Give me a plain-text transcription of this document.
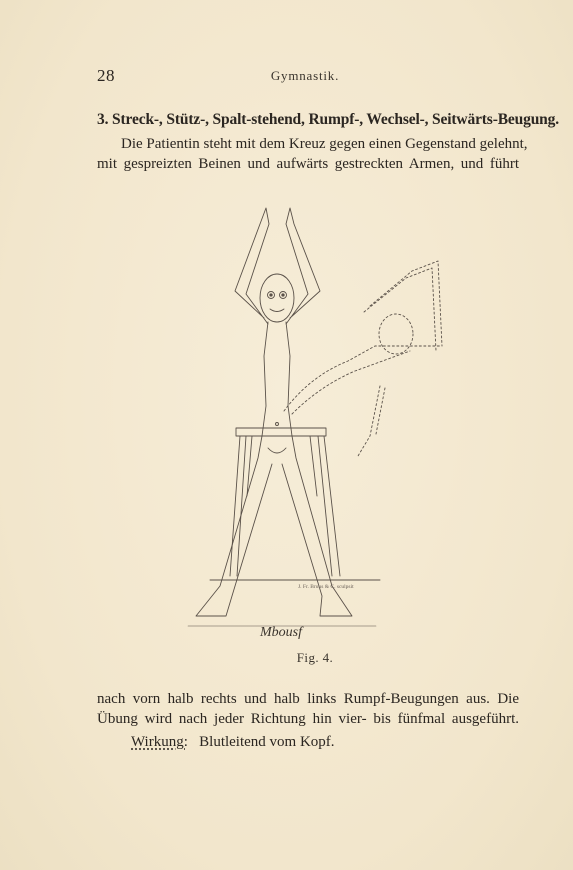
28	Gymnastik.
3. Streck-, Stütz-, Spalt-stehend, Rumpf-, Wechsel-, Seitwärts-Beugung.
Die Patientin steht mit dem Kreuz gegen einen Gegenstand gelehnt,
mit gespreizten Beinen und aufwärts gestreckten Armen, und führt
J. Fr. Bruus & C. sculpsit
Mbousf
Fig. 4.
nach vorn halb rechts und halb links Rumpf-Beugungen aus. Die
Übung wird nach jeder Richtung hin vier- bis fünfmal ausgeführt.
Wirkung: Blutleitend vom Kopf.
